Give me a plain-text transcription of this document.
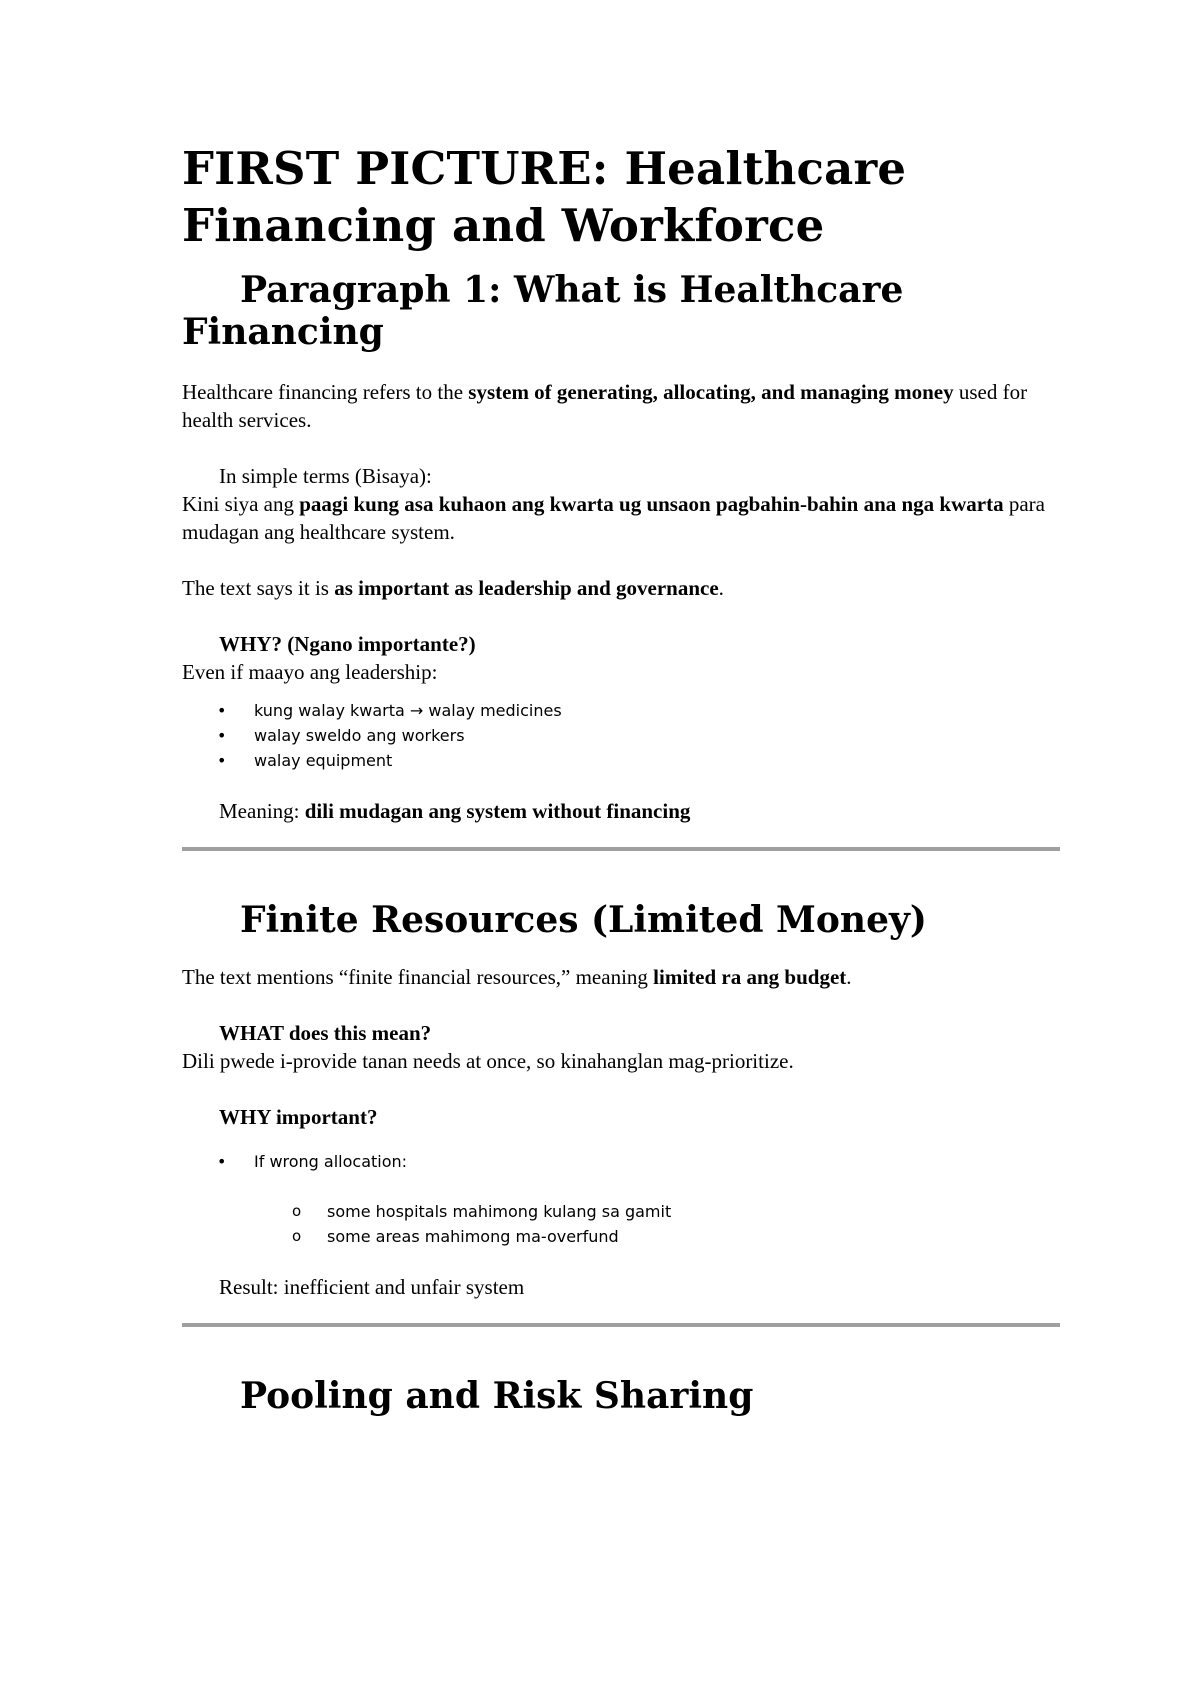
FIRST PICTURE: Healthcare Financing and Workforce
Paragraph 1: What is Healthcare Financing

Healthcare financing refers to the system of generating, allocating, and managing money used for health services.

In simple terms (Bisaya):

Kini siya ang paagi kung asa kuhaon ang kwarta ug unsaon pagbahin-bahin ana nga kwarta para mudagan ang healthcare system.

The text says it is as important as leadership and governance.

WHY? (Ngano importante?)

Even if maayo ang leadership:

• kung walay kwarta → walay medicines
• walay sweldo ang workers
• walay equipment

Meaning: dili mudagan ang system without financing

Finite Resources (Limited Money)

The text mentions “finite financial resources,” meaning limited ra ang budget.

WHAT does this mean?

Dili pwede i-provide tanan needs at once, so kinahanglan mag-prioritize.

WHY important?

• If wrong allocation:
o some hospitals mahimong kulang sa gamit
o some areas mahimong ma-overfund

Result: inefficient and unfair system

Pooling and Risk Sharing
